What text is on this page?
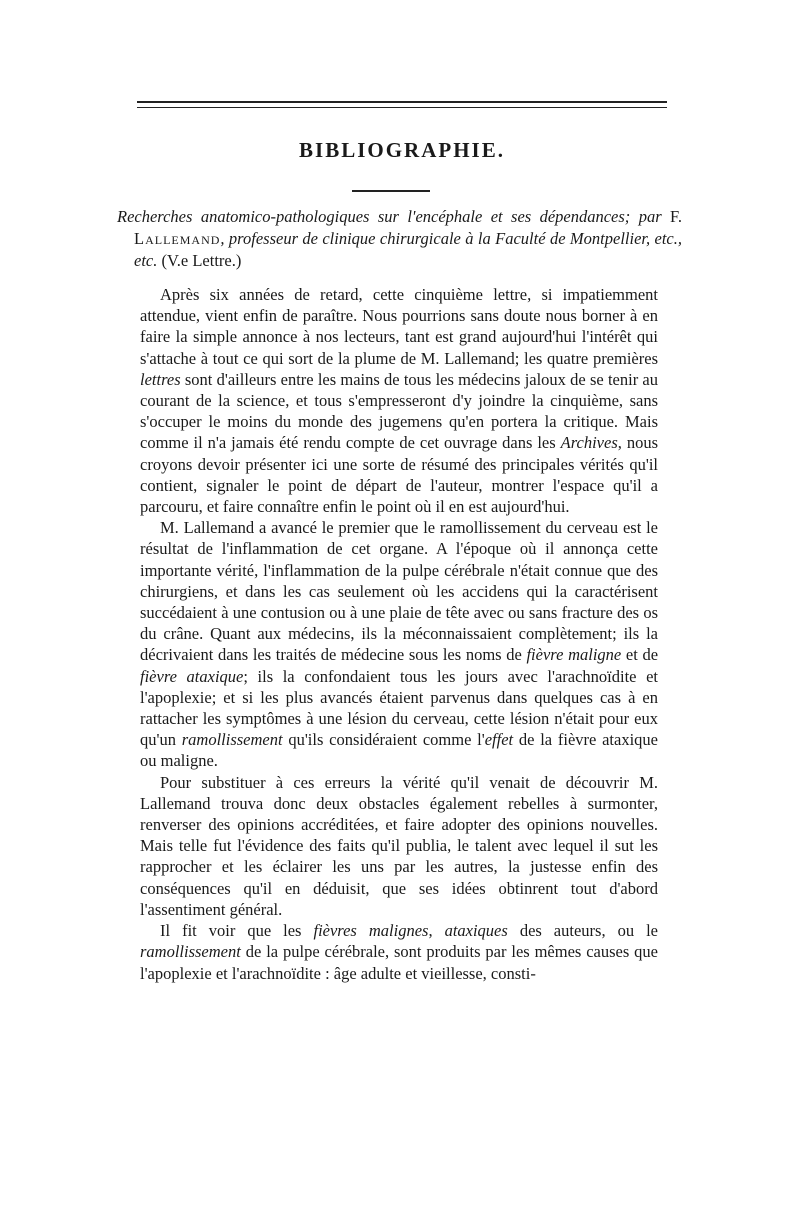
BIBLIOGRAPHIE.
Recherches anatomico-pathologiques sur l'encéphale et ses dépendances; par F. Lallemand, professeur de clinique chirurgicale à la Faculté de Montpellier, etc., etc. (V.e Lettre.)

Après six années de retard, cette cinquième lettre, si impatiemment attendue, vient enfin de paraître. Nous pourrions sans doute nous borner à en faire la simple annonce à nos lecteurs, tant est grand aujourd'hui l'intérêt qui s'attache à tout ce qui sort de la plume de M. Lallemand; les quatre premières lettres sont d'ailleurs entre les mains de tous les médecins jaloux de se tenir au courant de la science, et tous s'empresseront d'y joindre la cinquième, sans s'occuper le moins du monde des jugemens qu'en portera la critique. Mais comme il n'a jamais été rendu compte de cet ouvrage dans les Archives, nous croyons devoir présenter ici une sorte de résumé des principales vérités qu'il contient, signaler le point de départ de l'auteur, montrer l'espace qu'il a parcouru, et faire connaître enfin le point où il en est aujourd'hui.

M. Lallemand a avancé le premier que le ramollissement du cerveau est le résultat de l'inflammation de cet organe. A l'époque où il annonça cette importante vérité, l'inflammation de la pulpe cérébrale n'était connue que des chirurgiens, et dans les cas seulement où les accidens qui la caractérisent succédaient à une contusion ou à une plaie de tête avec ou sans fracture des os du crâne. Quant aux médecins, ils la méconnaissaient complètement; ils la décrivaient dans les traités de médecine sous les noms de fièvre maligne et de fièvre ataxique; ils la confondaient tous les jours avec l'arachnoïdite et l'apoplexie; et si les plus avancés étaient parvenus dans quelques cas à en rattacher les symptômes à une lésion du cerveau, cette lésion n'était pour eux qu'un ramollissement qu'ils considéraient comme l'effet de la fièvre ataxique ou maligne.

Pour substituer à ces erreurs la vérité qu'il venait de découvrir M. Lallemand trouva donc deux obstacles également rebelles à surmonter, renverser des opinions accréditées, et faire adopter des opinions nouvelles. Mais telle fut l'évidence des faits qu'il publia, le talent avec lequel il sut les rapprocher et les éclairer les uns par les autres, la justesse enfin des conséquences qu'il en déduisit, que ses idées obtinrent tout d'abord l'assentiment général.

Il fit voir que les fièvres malignes, ataxiques des auteurs, ou le ramollissement de la pulpe cérébrale, sont produits par les mêmes causes que l'apoplexie et l'arachnoïdite : âge adulte et vieillesse, consti-
